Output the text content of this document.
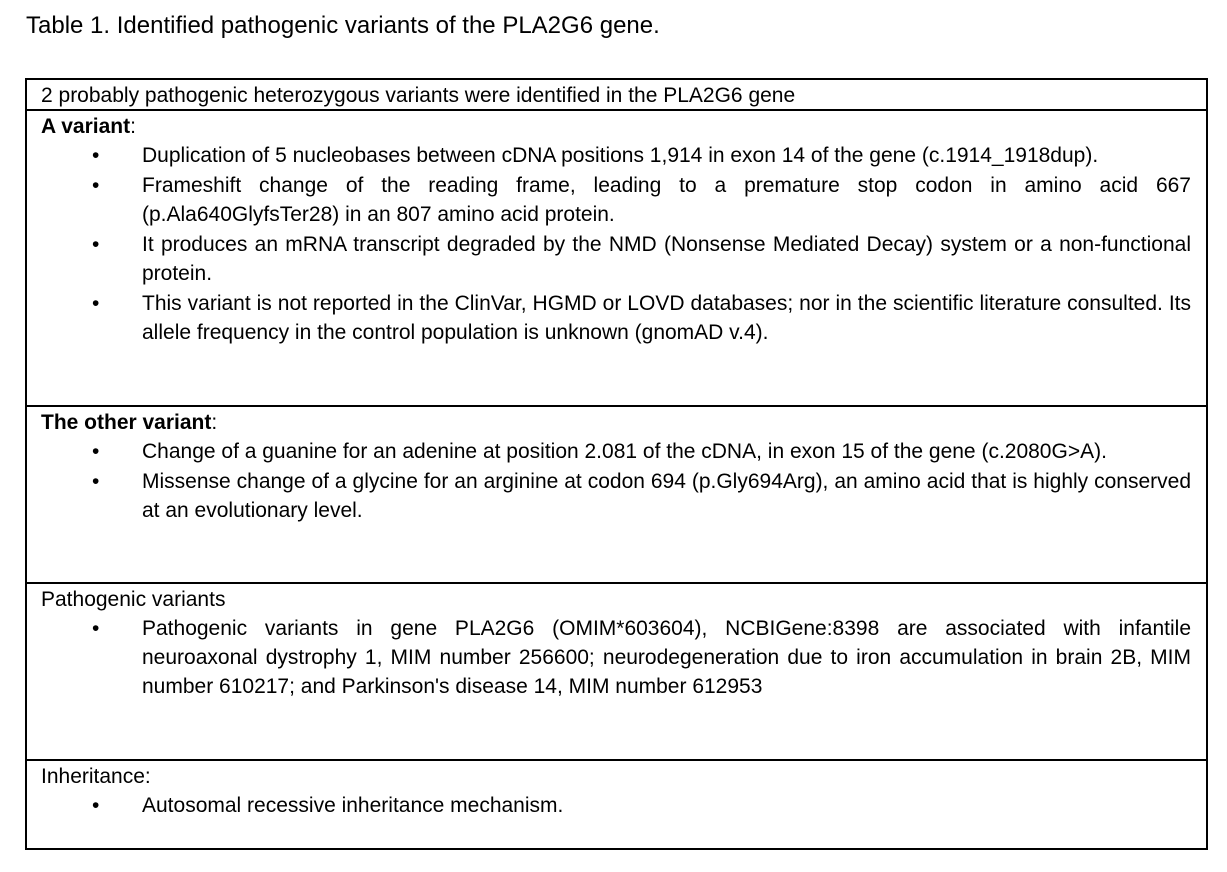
Table 1. Identified pathogenic variants of the PLA2G6 gene.
2 probably pathogenic heterozygous variants were identified in the PLA2G6 gene
A variant:
• Duplication of 5 nucleobases between cDNA positions 1,914 in exon 14 of the gene (c.1914_1918dup).
• Frameshift change of the reading frame, leading to a premature stop codon in amino acid 667 (p.Ala640GlyfsTer28) in an 807 amino acid protein.
• It produces an mRNA transcript degraded by the NMD (Nonsense Mediated Decay) system or a non-functional protein.
• This variant is not reported in the ClinVar, HGMD or LOVD databases; nor in the scientific literature consulted. Its allele frequency in the control population is unknown (gnomAD v.4).
The other variant:
• Change of a guanine for an adenine at position 2.081 of the cDNA, in exon 15 of the gene (c.2080G>A).
• Missense change of a glycine for an arginine at codon 694 (p.Gly694Arg), an amino acid that is highly conserved at an evolutionary level.
Pathogenic variants
• Pathogenic variants in gene PLA2G6 (OMIM*603604), NCBIGene:8398 are associated with infantile neuroaxonal dystrophy 1, MIM number 256600; neurodegeneration due to iron accumulation in brain 2B, MIM number 610217; and Parkinson's disease 14, MIM number 612953
Inheritance:
• Autosomal recessive inheritance mechanism.
